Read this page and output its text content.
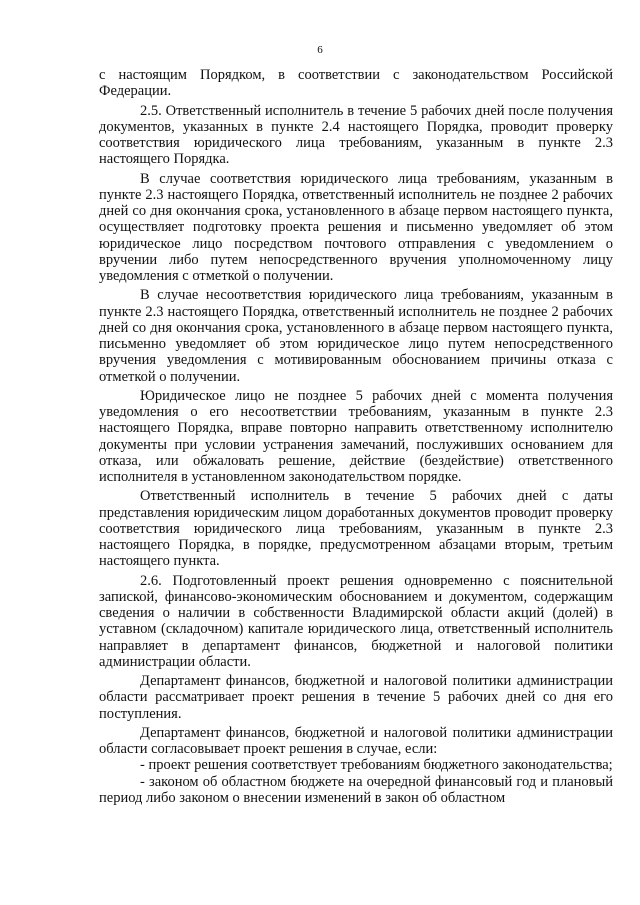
6

с настоящим Порядком, в соответствии с законодательством Российской Федерации.

2.5. Ответственный исполнитель в течение 5 рабочих дней после получения документов, указанных в пункте 2.4 настоящего Порядка, проводит проверку соответствия юридического лица требованиям, указанным в пункте 2.3 настоящего Порядка.

В случае соответствия юридического лица требованиям, указанным в пункте 2.3 настоящего Порядка, ответственный исполнитель не позднее 2 рабочих дней со дня окончания срока, установленного в абзаце первом настоящего пункта, осуществляет подготовку проекта решения и письменно уведомляет об этом юридическое лицо посредством почтового отправления с уведомлением о вручении либо путем непосредственного вручения уполномоченному лицу уведомления с отметкой о получении.

В случае несоответствия юридического лица требованиям, указанным в пункте 2.3 настоящего Порядка, ответственный исполнитель не позднее 2 рабочих дней со дня окончания срока, установленного в абзаце первом настоящего пункта, письменно уведомляет об этом юридическое лицо путем непосредственного вручения уведомления с мотивированным обоснованием причины отказа с отметкой о получении.

Юридическое лицо не позднее 5 рабочих дней с момента получения уведомления о его несоответствии требованиям, указанным в пункте 2.3 настоящего Порядка, вправе повторно направить ответственному исполнителю документы при условии устранения замечаний, послуживших основанием для отказа, или обжаловать решение, действие (бездействие) ответственного исполнителя в установленном законодательством порядке.

Ответственный исполнитель в течение 5 рабочих дней с даты представления юридическим лицом доработанных документов проводит проверку соответствия юридического лица требованиям, указанным в пункте 2.3 настоящего Порядка, в порядке, предусмотренном абзацами вторым, третьим настоящего пункта.

2.6. Подготовленный проект решения одновременно с пояснительной запиской, финансово-экономическим обоснованием и документом, содержащим сведения о наличии в собственности Владимирской области акций (долей) в уставном (складочном) капитале юридического лица, ответственный исполнитель направляет в департамент финансов, бюджетной и налоговой политики администрации области.

Департамент финансов, бюджетной и налоговой политики администрации области рассматривает проект решения в течение 5 рабочих дней со дня его поступления.

Департамент финансов, бюджетной и налоговой политики администрации области согласовывает проект решения в случае, если:

- проект решения соответствует требованиям бюджетного законодательства;

- законом об областном бюджете на очередной финансовый год и плановый период либо законом о внесении изменений в закон об областном
